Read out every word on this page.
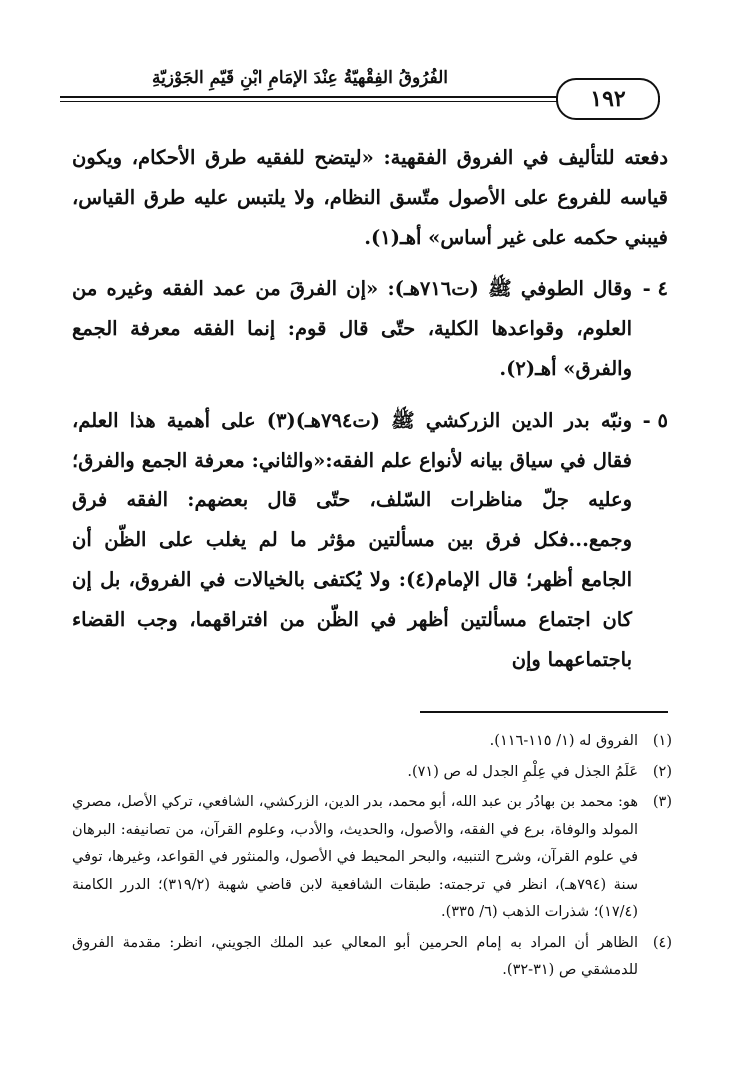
الفُرُوقُ الفِقْهيّةُ عِنْدَ الإمَامِ ابْنِ قَيّمِ الجَوْزيّةِ
١٩٢

دفعته للتأليف في الفروق الفقهية: «ليتضح للفقيه طرق الأحكام، ويكون قياسه للفروع على الأصول متّسق النظام، ولا يلتبس عليه طرق القياس، فيبني حكمه على غير أساس» أهـ(١).

٤ -
وقال الطوفي ﷺ (ت٧١٦هـ): «إن الفرقَ من عمد الفقه وغيره من العلوم، وقواعدها الكلية، حتّى قال قوم: إنما الفقه معرفة الجمع والفرق» أهـ(٢).

٥ -
ونبّه بدر الدين الزركشي ﷺ (ت٧٩٤هـ)(٣) على أهمية هذا العلم، فقال في سياق بيانه لأنواع علم الفقه:«والثاني: معرفة الجمع والفرق؛ وعليه جلّ مناظرات السّلف، حتّى قال بعضهم: الفقه فرق وجمع...فكل فرق بين مسألتين مؤثر ما لم يغلب على الظّن أن الجامع أظهر؛ قال الإمام(٤): ولا يُكتفى بالخيالات في الفروق، بل إن كان اجتماع مسألتين أظهر في الظّن من افتراقهما، وجب القضاء باجتماعهما وإن

(١)

الفروق له (١/ ١١٥-١١٦).

(٢)

عَلَمُ الجذل في عِلْمِ الجدل له ص (٧١).

(٣)

هو: محمد بن بهادُر بن عبد الله، أبو محمد، بدر الدين، الزركشي، الشافعي، تركي الأصل، مصري المولد والوفاة، برع في الفقه، والأصول، والحديث، والأدب، وعلوم القرآن، من تصانيفه: البرهان في علوم القرآن، وشرح التنبيه، والبحر المحيط في الأصول، والمنثور في القواعد، وغيرها، توفي سنة (٧٩٤هـ)، انظر في ترجمته: طبقات الشافعية لابن قاضي شهبة (٣١٩/٢)؛ الدرر الكامنة (١٧/٤)؛ شذرات الذهب (٦/ ٣٣٥).

(٤)

الظاهر أن المراد به إمام الحرمين أبو المعالي عبد الملك الجويني، انظر: مقدمة الفروق للدمشقي ص (٣١-٣٢).
